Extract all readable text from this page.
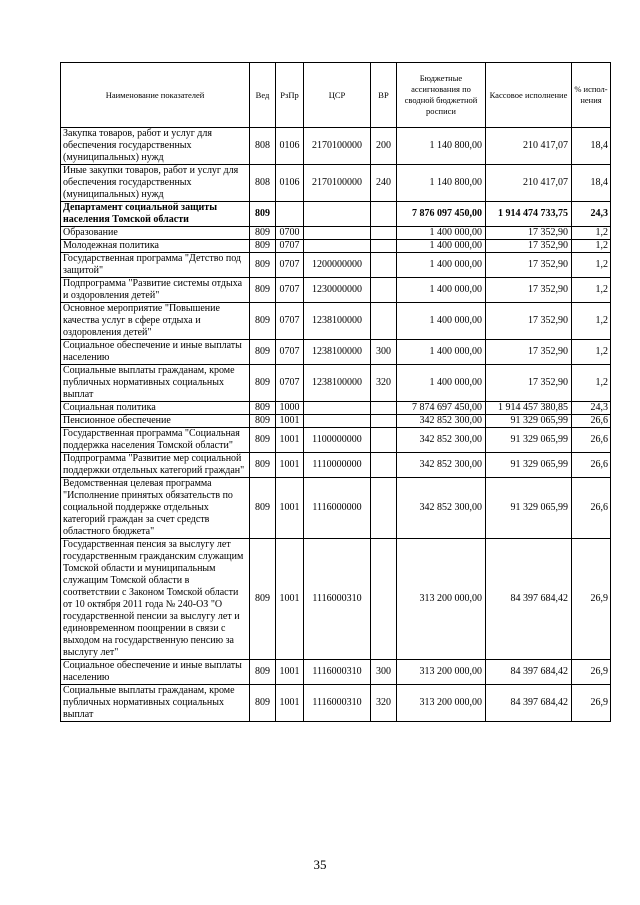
Наименование показателей	Вед	РзПр	ЦСР	ВР	Бюджетные ассигнования по сводной бюджетной росписи	Кассовое исполнение	% испол-нения
Закупка товаров, работ и услуг для обеспечения государственных (муниципальных) нужд	808	0106	2170100000	200	1 140 800,00	210 417,07	18,4
Иные закупки товаров, работ и услуг для обеспечения государственных (муниципальных) нужд	808	0106	2170100000	240	1 140 800,00	210 417,07	18,4
Департамент социальной защиты населения Томской области	809				7 876 097 450,00	1 914 474 733,75	24,3
Образование	809	0700			1 400 000,00	17 352,90	1,2
Молодежная политика	809	0707			1 400 000,00	17 352,90	1,2
Государственная программа "Детство под защитой"	809	0707	1200000000		1 400 000,00	17 352,90	1,2
Подпрограмма "Развитие системы отдыха и оздоровления детей"	809	0707	1230000000		1 400 000,00	17 352,90	1,2
Основное мероприятие "Повышение качества услуг в сфере отдыха и оздоровления детей"	809	0707	1238100000		1 400 000,00	17 352,90	1,2
Социальное обеспечение и иные выплаты населению	809	0707	1238100000	300	1 400 000,00	17 352,90	1,2
Социальные выплаты гражданам, кроме публичных нормативных социальных выплат	809	0707	1238100000	320	1 400 000,00	17 352,90	1,2
Социальная политика	809	1000			7 874 697 450,00	1 914 457 380,85	24,3
Пенсионное обеспечение	809	1001			342 852 300,00	91 329 065,99	26,6
Государственная программа "Социальная поддержка населения Томской области"	809	1001	1100000000		342 852 300,00	91 329 065,99	26,6
Подпрограмма "Развитие мер социальной поддержки отдельных категорий граждан"	809	1001	1110000000		342 852 300,00	91 329 065,99	26,6
Ведомственная целевая программа "Исполнение принятых обязательств по социальной поддержке отдельных категорий граждан за счет средств областного бюджета"	809	1001	1116000000		342 852 300,00	91 329 065,99	26,6
Государственная пенсия за выслугу лет государственным гражданским служащим Томской области и муниципальным служащим Томской области в соответствии с Законом Томской области от 10 октября 2011 года № 240-ОЗ "О государственной пенсии за выслугу лет и единовременном поощрении в связи с выходом на государственную пенсию за выслугу лет"	809	1001	1116000310		313 200 000,00	84 397 684,42	26,9
Социальное обеспечение и иные выплаты населению	809	1001	1116000310	300	313 200 000,00	84 397 684,42	26,9
Социальные выплаты гражданам, кроме публичных нормативных социальных выплат	809	1001	1116000310	320	313 200 000,00	84 397 684,42	26,9
35
